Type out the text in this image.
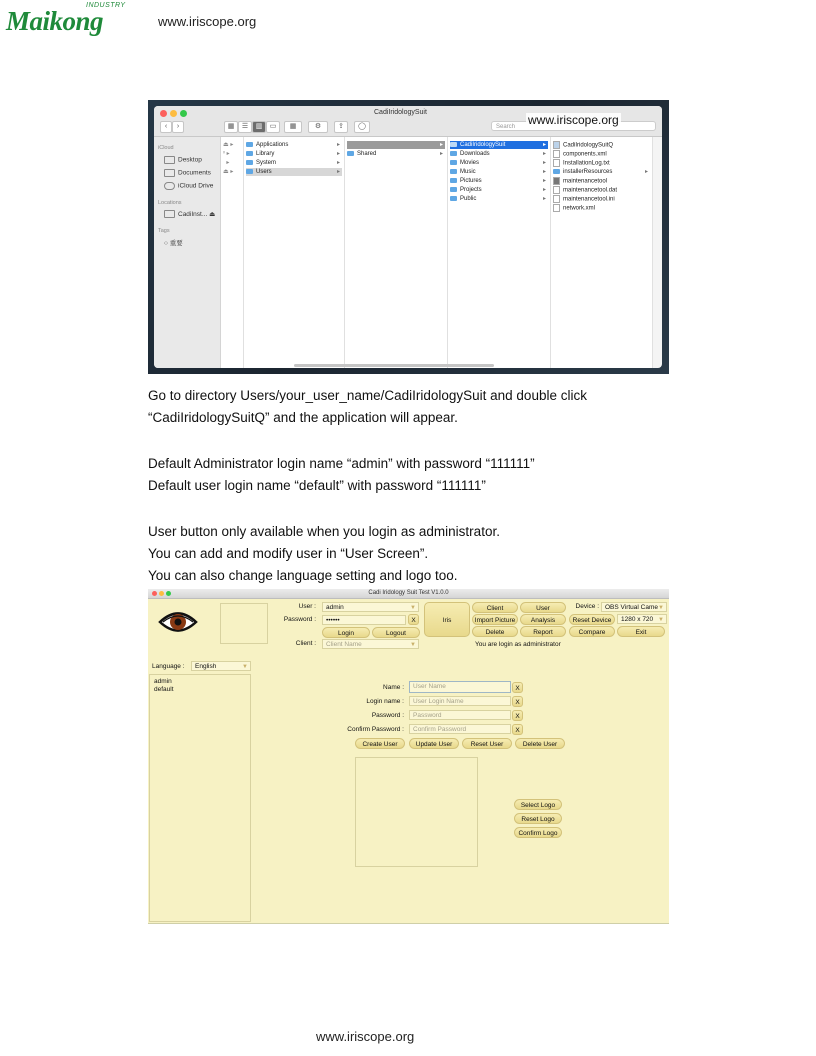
Maikong
INDUSTRY
www.iriscope.org
CadiIridologySuit
‹	›	▦	☰	▥	▭	▦	⚙	⇪	◯	Search	www.iriscope.org
iCloud
Desktop
Documents
iCloud Drive
Locations
CadiInst... ⏏
Tags
○ 重要
⏏ ▸
ᵛ ▸
▸
⏏ ▸
Applications	▸
Library	▸
System	▸
Users	▸
▸
Shared	▸
CadiIridologySuit	▸
Downloads	▸
Movies	▸
Music	▸
Pictures	▸
Projects	▸
Public	▸
CadiIridologySuitQ
components.xml
InstallationLog.txt
installerResources	▸
maintenancetool
maintenancetool.dat
maintenancetool.ini
network.xml
Go to directory Users/your_user_name/CadiIridologySuit and double click
“CadiIridologySuitQ” and the application will appear.
Default Administrator login name “admin” with password “111111”
Default user login name “default” with password “111111”
User button only available when you login as administrator.
You can add and modify user in “User Screen”.
You can also change language setting and logo too.
Cadi Iridology Suit Test V1.0.0
User :	admin	▼
Password :	••••••	X
Login	Logout
Client :	Client Name	▼
Iris
Client	User
Import Picture	Analysis
Delete	Report
Device : OBS Virtual Came ▼
Reset Device	1280 x 720 ▼
Compare	Exit
You are login as administrator
Language :	English	▼
admin
default	Name :	User Name	X
Login name :	User Login Name	X
Password :	Password	X
Confirm Password :	Confirm Password	X
Create User	Update User	Reset User	Delete User
Select Logo
Reset Logo
Confirm Logo
www.iriscope.org
